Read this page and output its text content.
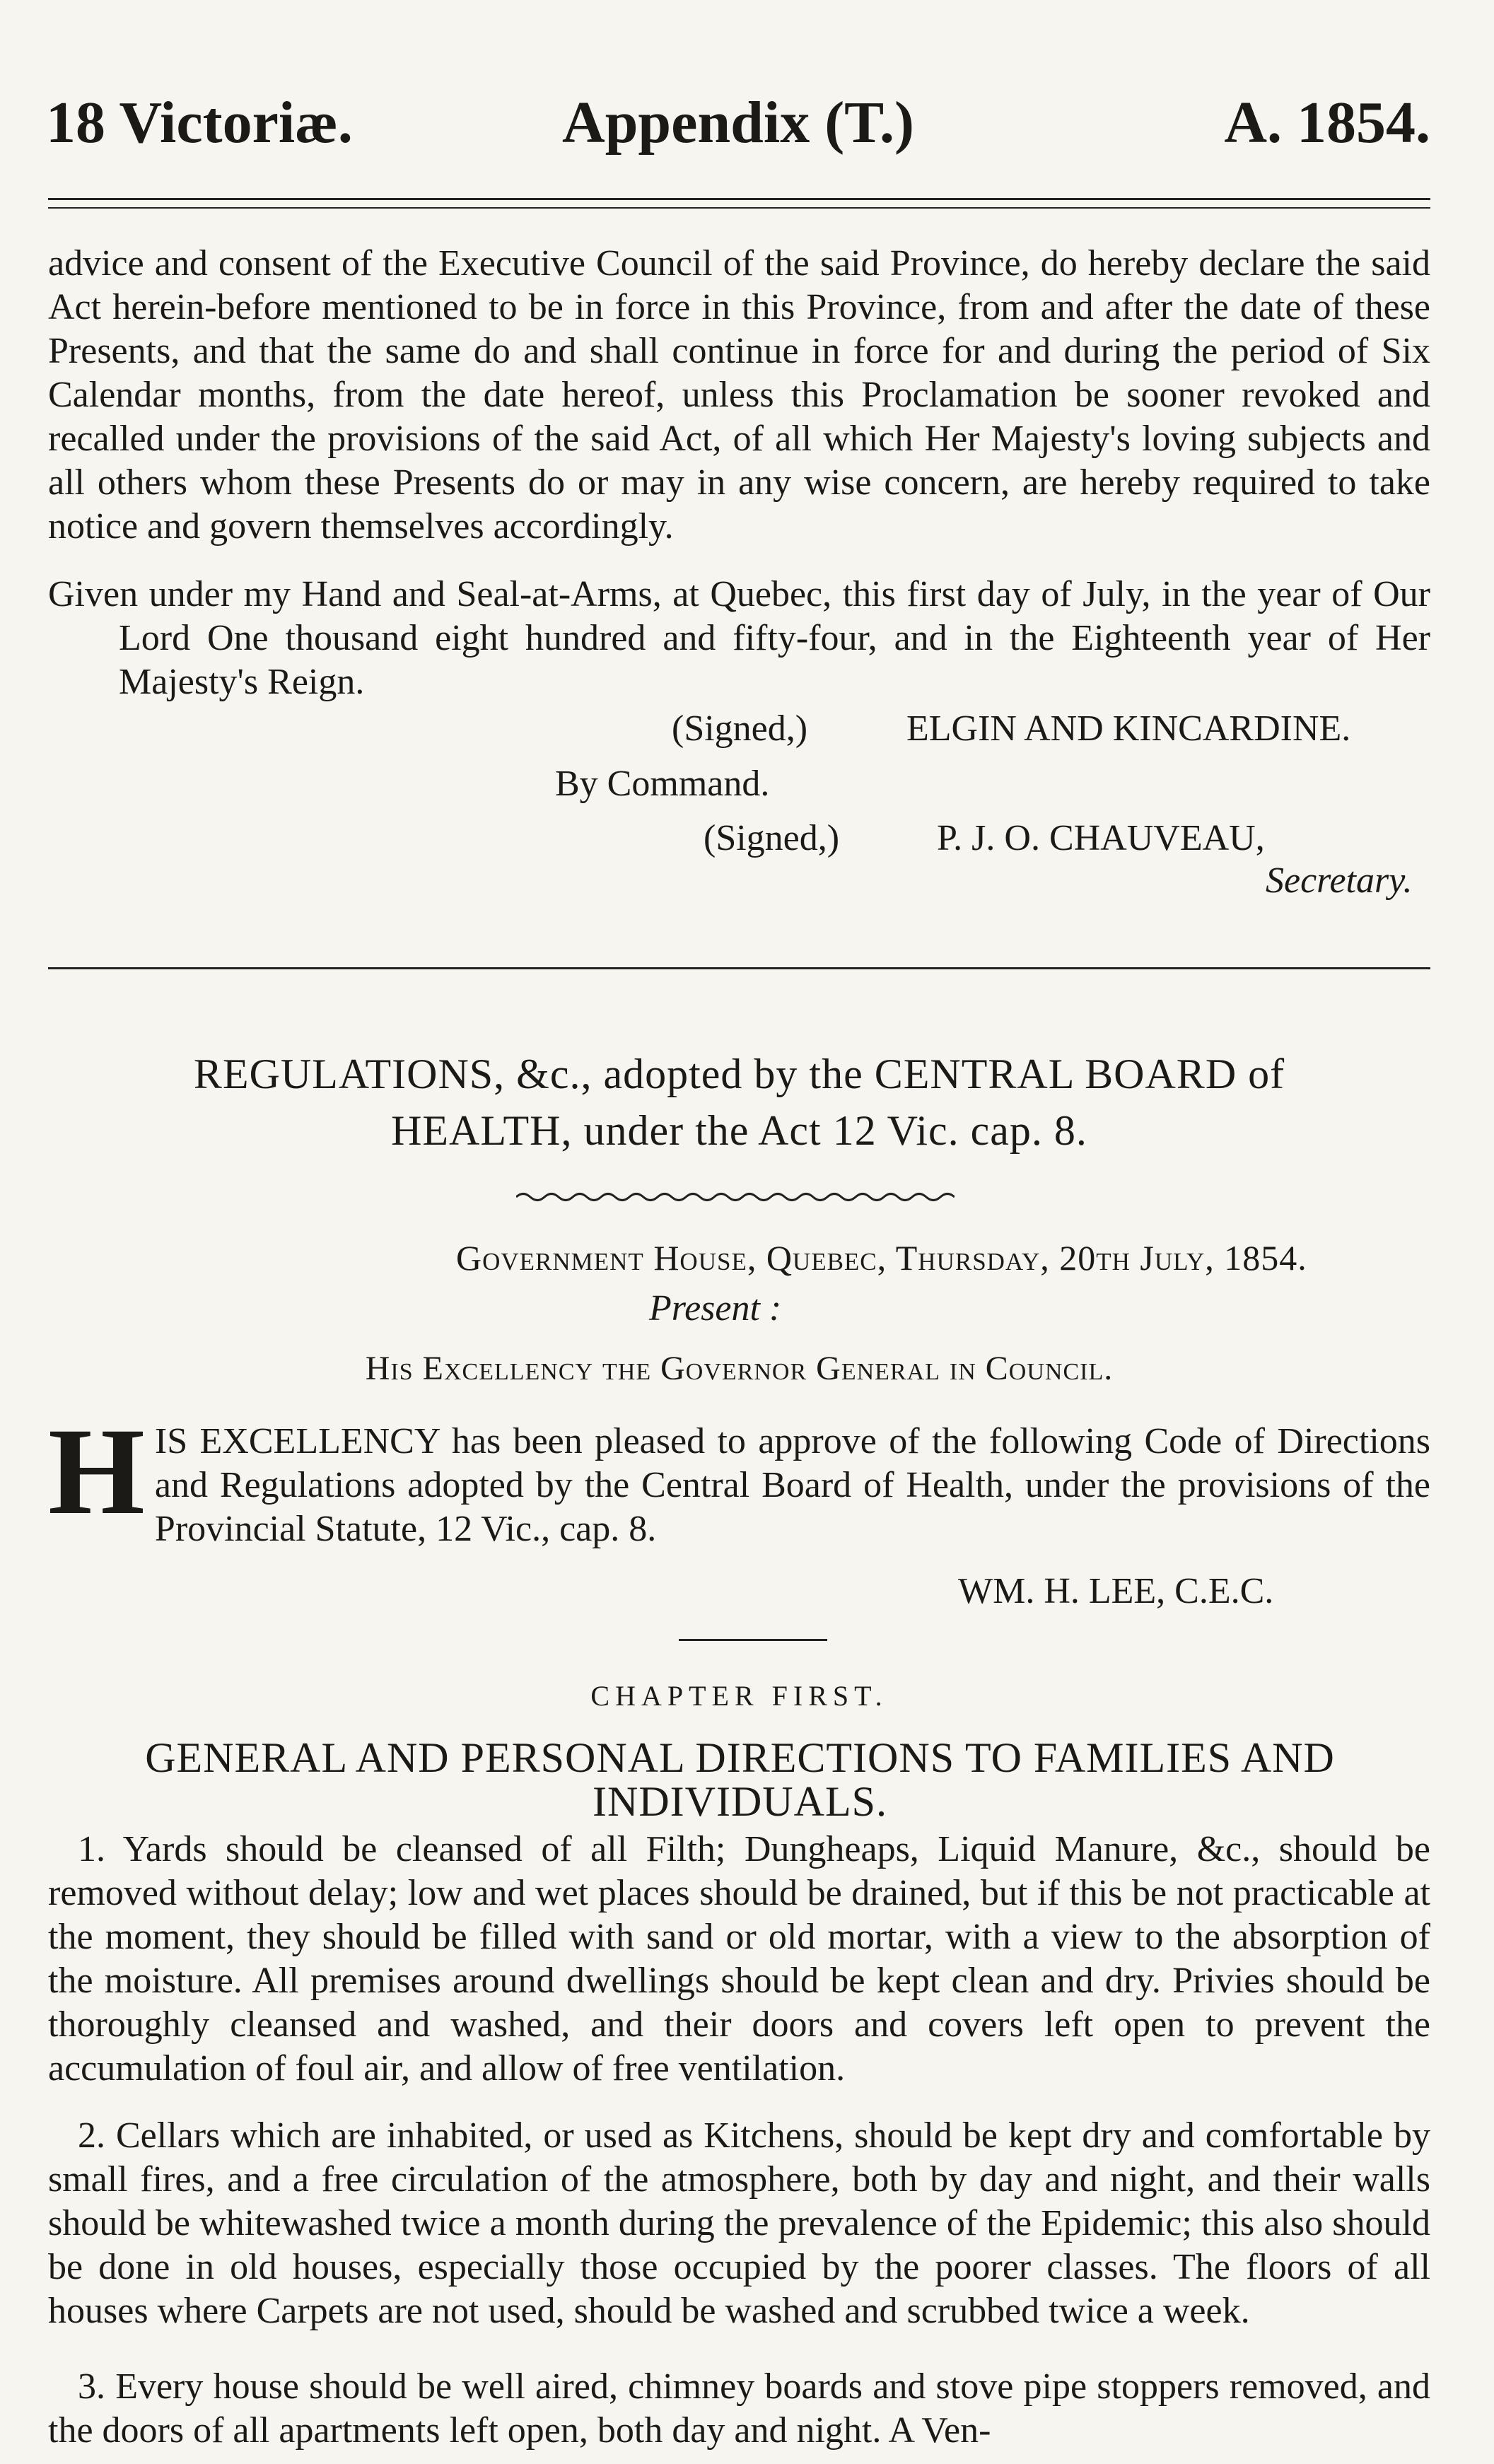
18 Victoriæ.	Appendix (T.)	A. 1854.
advice and consent of the Executive Council of the said Province, do hereby declare the said Act herein-before mentioned to be in force in this Province, from and after the date of these Presents, and that the same do and shall continue in force for and during the period of Six Calendar months, from the date hereof, unless this Proclamation be sooner revoked and recalled under the provisions of the said Act, of all which Her Majesty's loving subjects and all others whom these Presents do or may in any wise concern, are hereby required to take notice and govern themselves accordingly.
Given under my Hand and Seal-at-Arms, at Quebec, this first day of July, in the year of Our Lord One thousand eight hundred and fifty-four, and in the Eighteenth year of Her Majesty's Reign.
(Signed,)	ELGIN AND KINCARDINE.
By Command.
(Signed,)	P. J. O. CHAUVEAU,
Secretary.
REGULATIONS, &c., adopted by the CENTRAL BOARD of
HEALTH, under the Act 12 Vic. cap. 8.
Government House, Quebec, Thursday, 20th July, 1854.
Present :
His Excellency the Governor General in Council.
H IS EXCELLENCY has been pleased to approve of the following Code of Directions and Regulations adopted by the Central Board of Health, under the provisions of the Provincial Statute, 12 Vic., cap. 8.
WM. H. LEE, C.E.C.
CHAPTER FIRST.
GENERAL AND PERSONAL DIRECTIONS TO FAMILIES AND INDIVIDUALS.
1. Yards should be cleansed of all Filth; Dungheaps, Liquid Manure, &c., should be removed without delay; low and wet places should be drained, but if this be not practicable at the moment, they should be filled with sand or old mortar, with a view to the absorption of the moisture. All premises around dwellings should be kept clean and dry. Privies should be thoroughly cleansed and washed, and their doors and covers left open to prevent the accumulation of foul air, and allow of free ventilation.
2. Cellars which are inhabited, or used as Kitchens, should be kept dry and comfortable by small fires, and a free circulation of the atmosphere, both by day and night, and their walls should be whitewashed twice a month during the prevalence of the Epidemic; this also should be done in old houses, especially those occupied by the poorer classes. The floors of all houses where Carpets are not used, should be washed and scrubbed twice a week.
3. Every house should be well aired, chimney boards and stove pipe stoppers removed, and the doors of all apartments left open, both day and night. A Ven-
